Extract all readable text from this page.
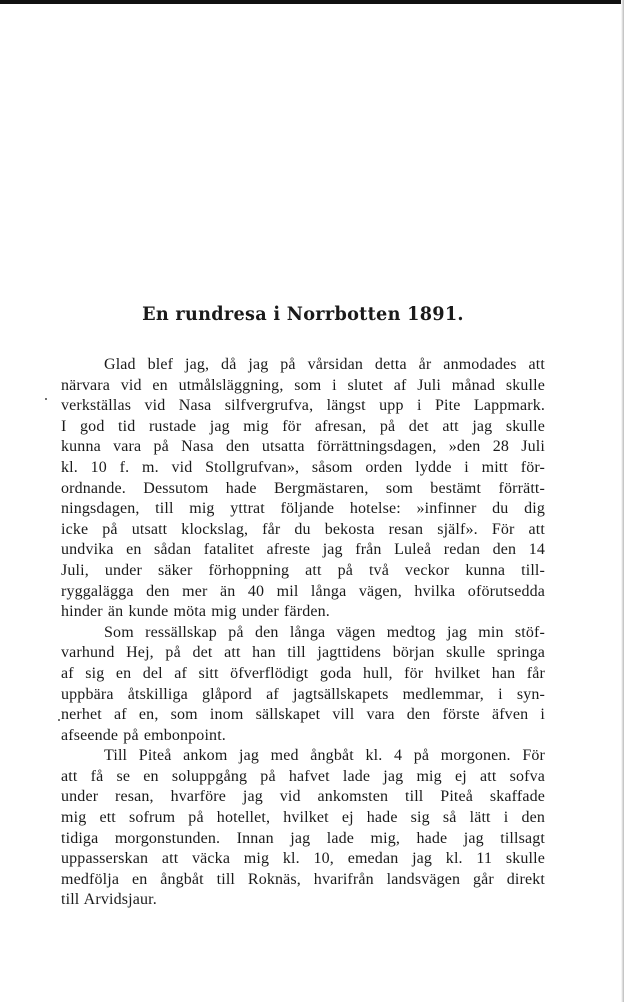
En rundresa i Norrbotten 1891.
Glad blef jag, då jag på vårsidan detta år anmodades att
närvara vid en utmålsläggning, som i slutet af Juli månad skulle
verkställas vid Nasa silfvergrufva, längst upp i Pite Lappmark.
I god tid rustade jag mig för afresan, på det att jag skulle
kunna vara på Nasa den utsatta förrättningsdagen, »den 28 Juli
kl. 10 f. m. vid Stollgrufvan», såsom orden lydde i mitt för-
ordnande. Dessutom hade Bergmästaren, som bestämt förrätt-
ningsdagen, till mig yttrat följande hotelse: »infinner du dig
icke på utsatt klockslag, får du bekosta resan själf». För att
undvika en sådan fatalitet afreste jag från Luleå redan den 14
Juli, under säker förhoppning att på två veckor kunna till-
ryggalägga den mer än 40 mil långa vägen, hvilka oförutsedda
hinder än kunde möta mig under färden.
Som ressällskap på den långa vägen medtog jag min stöf-
varhund Hej, på det att han till jagttidens början skulle springa
af sig en del af sitt öfverflödigt goda hull, för hvilket han får
uppbära åtskilliga glåpord af jagtsällskapets medlemmar, i syn-
nerhet af en, som inom sällskapet vill vara den förste äfven i
afseende på embonpoint.
Till Piteå ankom jag med ångbåt kl. 4 på morgonen. För
att få se en soluppgång på hafvet lade jag mig ej att sofva
under resan, hvarföre jag vid ankomsten till Piteå skaffade
mig ett sofrum på hotellet, hvilket ej hade sig så lätt i den
tidiga morgonstunden. Innan jag lade mig, hade jag tillsagt
uppasserskan att väcka mig kl. 10, emedan jag kl. 11 skulle
medfölja en ångbåt till Roknäs, hvarifrån landsvägen går direkt
till Arvidsjaur.
